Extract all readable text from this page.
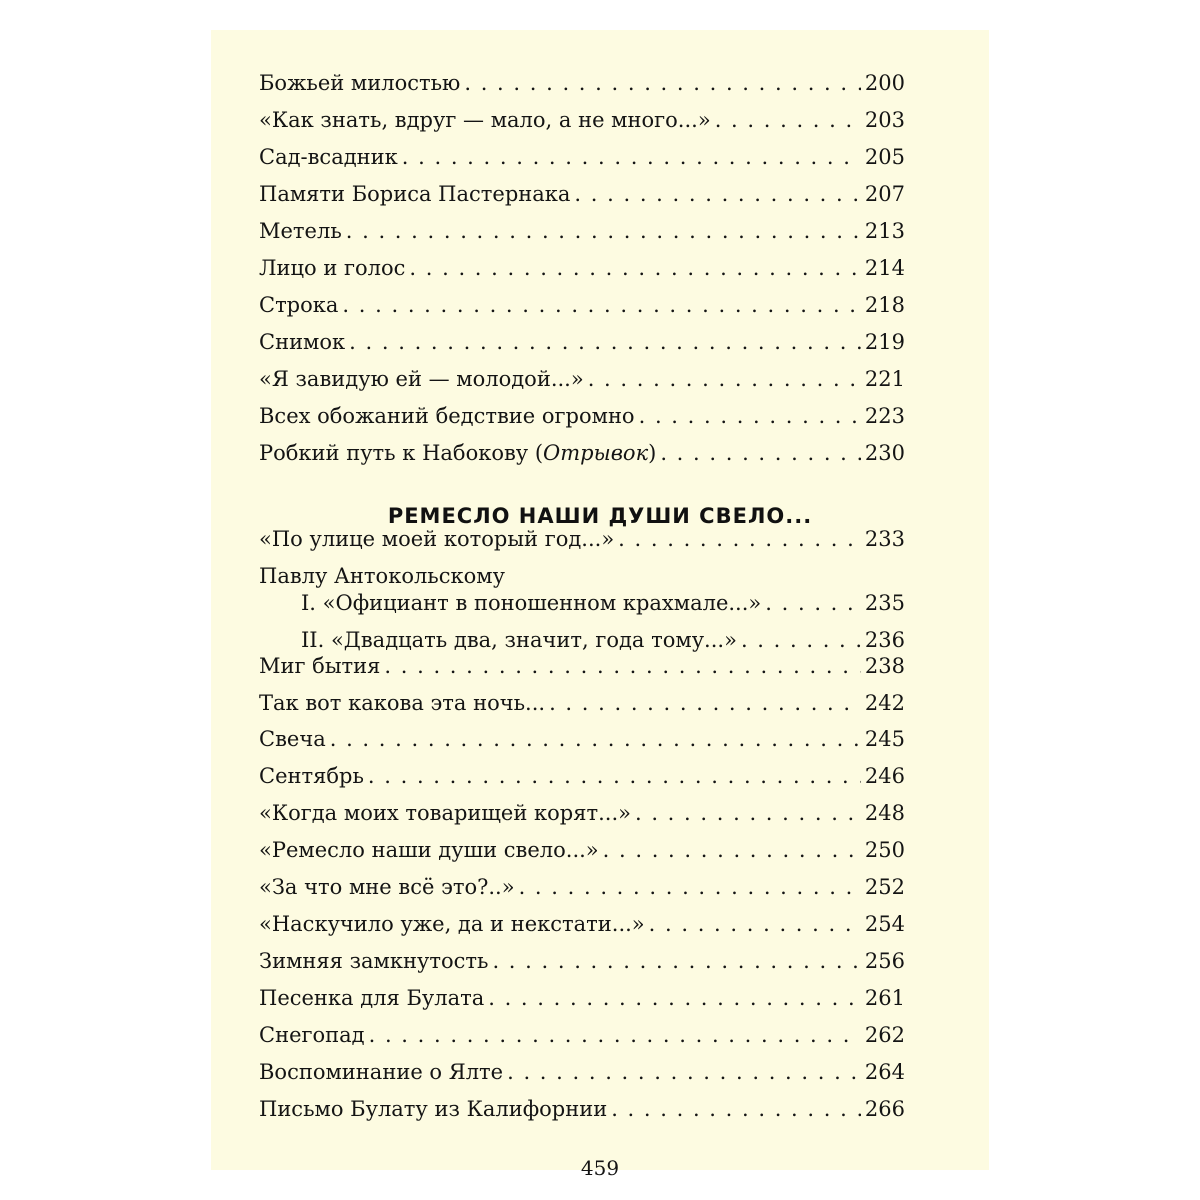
Божьей милостью . . .	200
«Как знать, вдруг — мало, а не много...» . . .	203
Сад-всадник . . .	205
Памяти Бориса Пастернака . . .	207
Метель . . .	213
Лицо и голос . . .	214
Строка . . .	218
Снимок . . .	219
«Я завидую ей — молодой...» . . .	221
Всех обожаний бедствие огромно . . .	223
Робкий путь к Набокову (Отрывок) . . .	230
РЕМЕСЛО НАШИ ДУШИ СВЕЛО...
«По улице моей который год...» . . .	233
Павлу Антокольскому
I. «Официант в поношенном крахмале...» . . .	235
II. «Двадцать два, значит, года тому...» . . .	236
Миг бытия . . .	238
Так вот какова эта ночь... . . .	242
Свеча . . .	245
Сентябрь . . .	246
«Когда моих товарищей корят...» . . .	248
«Ремесло наши души свело...» . . .	250
«За что мне всё это?..» . . .	252
«Наскучило уже, да и некстати...» . . .	254
Зимняя замкнутость . . .	256
Песенка для Булата . . .	261
Снегопад . . .	262
Воспоминание о Ялте . . .	264
Письмо Булату из Калифорнии . . .	266
459
